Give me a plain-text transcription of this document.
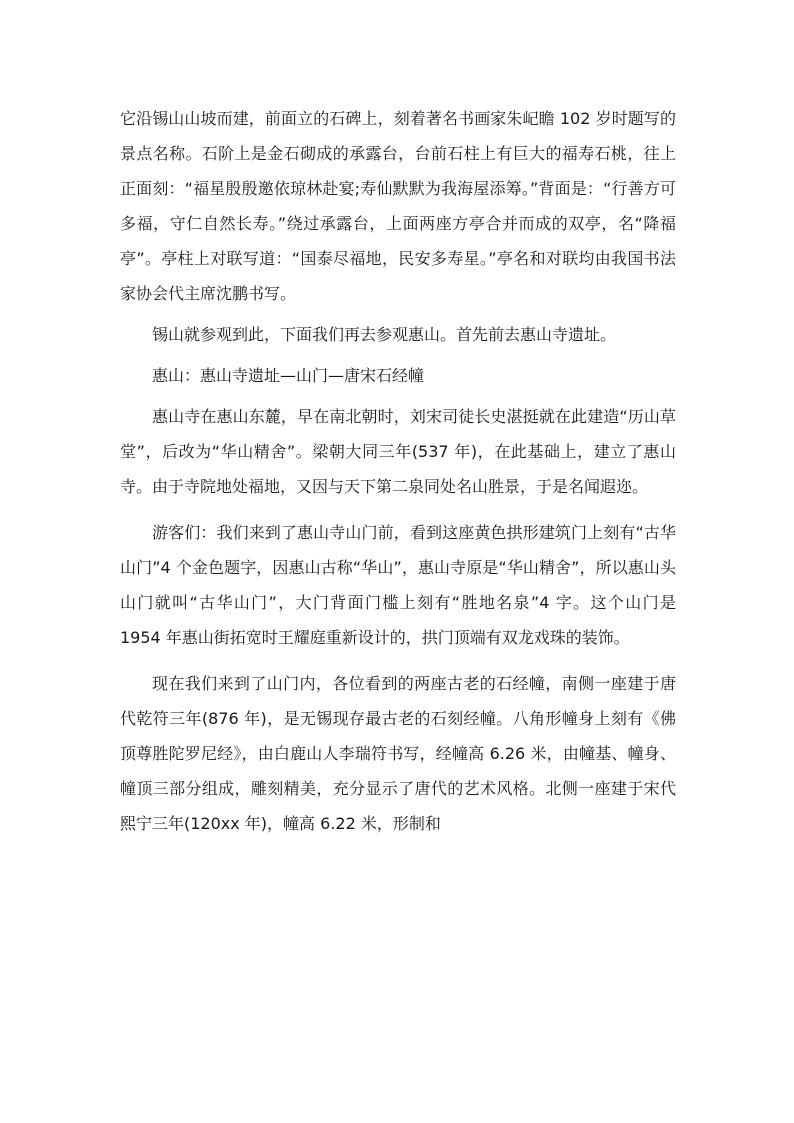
它沿锡山山坡而建，前面立的石碑上，刻着著名书画家朱屺瞻 102 岁时题写的景点名称。石阶上是金石砌成的承露台，台前石柱上有巨大的福寿石桃，往上正面刻：“福星殷殷邀依琼林赴宴;寿仙默默为我海屋添筹。”背面是：“行善方可多福，守仁自然长寿。”绕过承露台，上面两座方亭合并而成的双亭，名“降福亭”。亭柱上对联写道：“国泰尽福地，民安多寿星。”亭名和对联均由我国书法家协会代主席沈鹏书写。

锡山就参观到此，下面我们再去参观惠山。首先前去惠山寺遗址。

惠山：惠山寺遗址—山门—唐宋石经幢

惠山寺在惠山东麓，早在南北朝时，刘宋司徒长史湛挺就在此建造“历山草堂”，后改为“华山精舍”。梁朝大同三年(537 年)，在此基础上，建立了惠山寺。由于寺院地处福地，又因与天下第二泉同处名山胜景，于是名闻遐迩。

游客们：我们来到了惠山寺山门前，看到这座黄色拱形建筑门上刻有“古华山门”4 个金色题字，因惠山古称“华山”，惠山寺原是“华山精舍”，所以惠山头山门就叫“古华山门”，大门背面门槛上刻有“胜地名泉”4 字。这个山门是 1954 年惠山街拓宽时王耀庭重新设计的，拱门顶端有双龙戏珠的装饰。

现在我们来到了山门内，各位看到的两座古老的石经幢，南侧一座建于唐代乾符三年(876 年)，是无锡现存最古老的石刻经幢。八角形幢身上刻有《佛顶尊胜陀罗尼经》，由白鹿山人李瑞符书写，经幢高 6.26 米，由幢基、幢身、幢顶三部分组成，雕刻精美，充分显示了唐代的艺术风格。北侧一座建于宋代熙宁三年(120xx 年)，幢高 6.22 米，形制和
